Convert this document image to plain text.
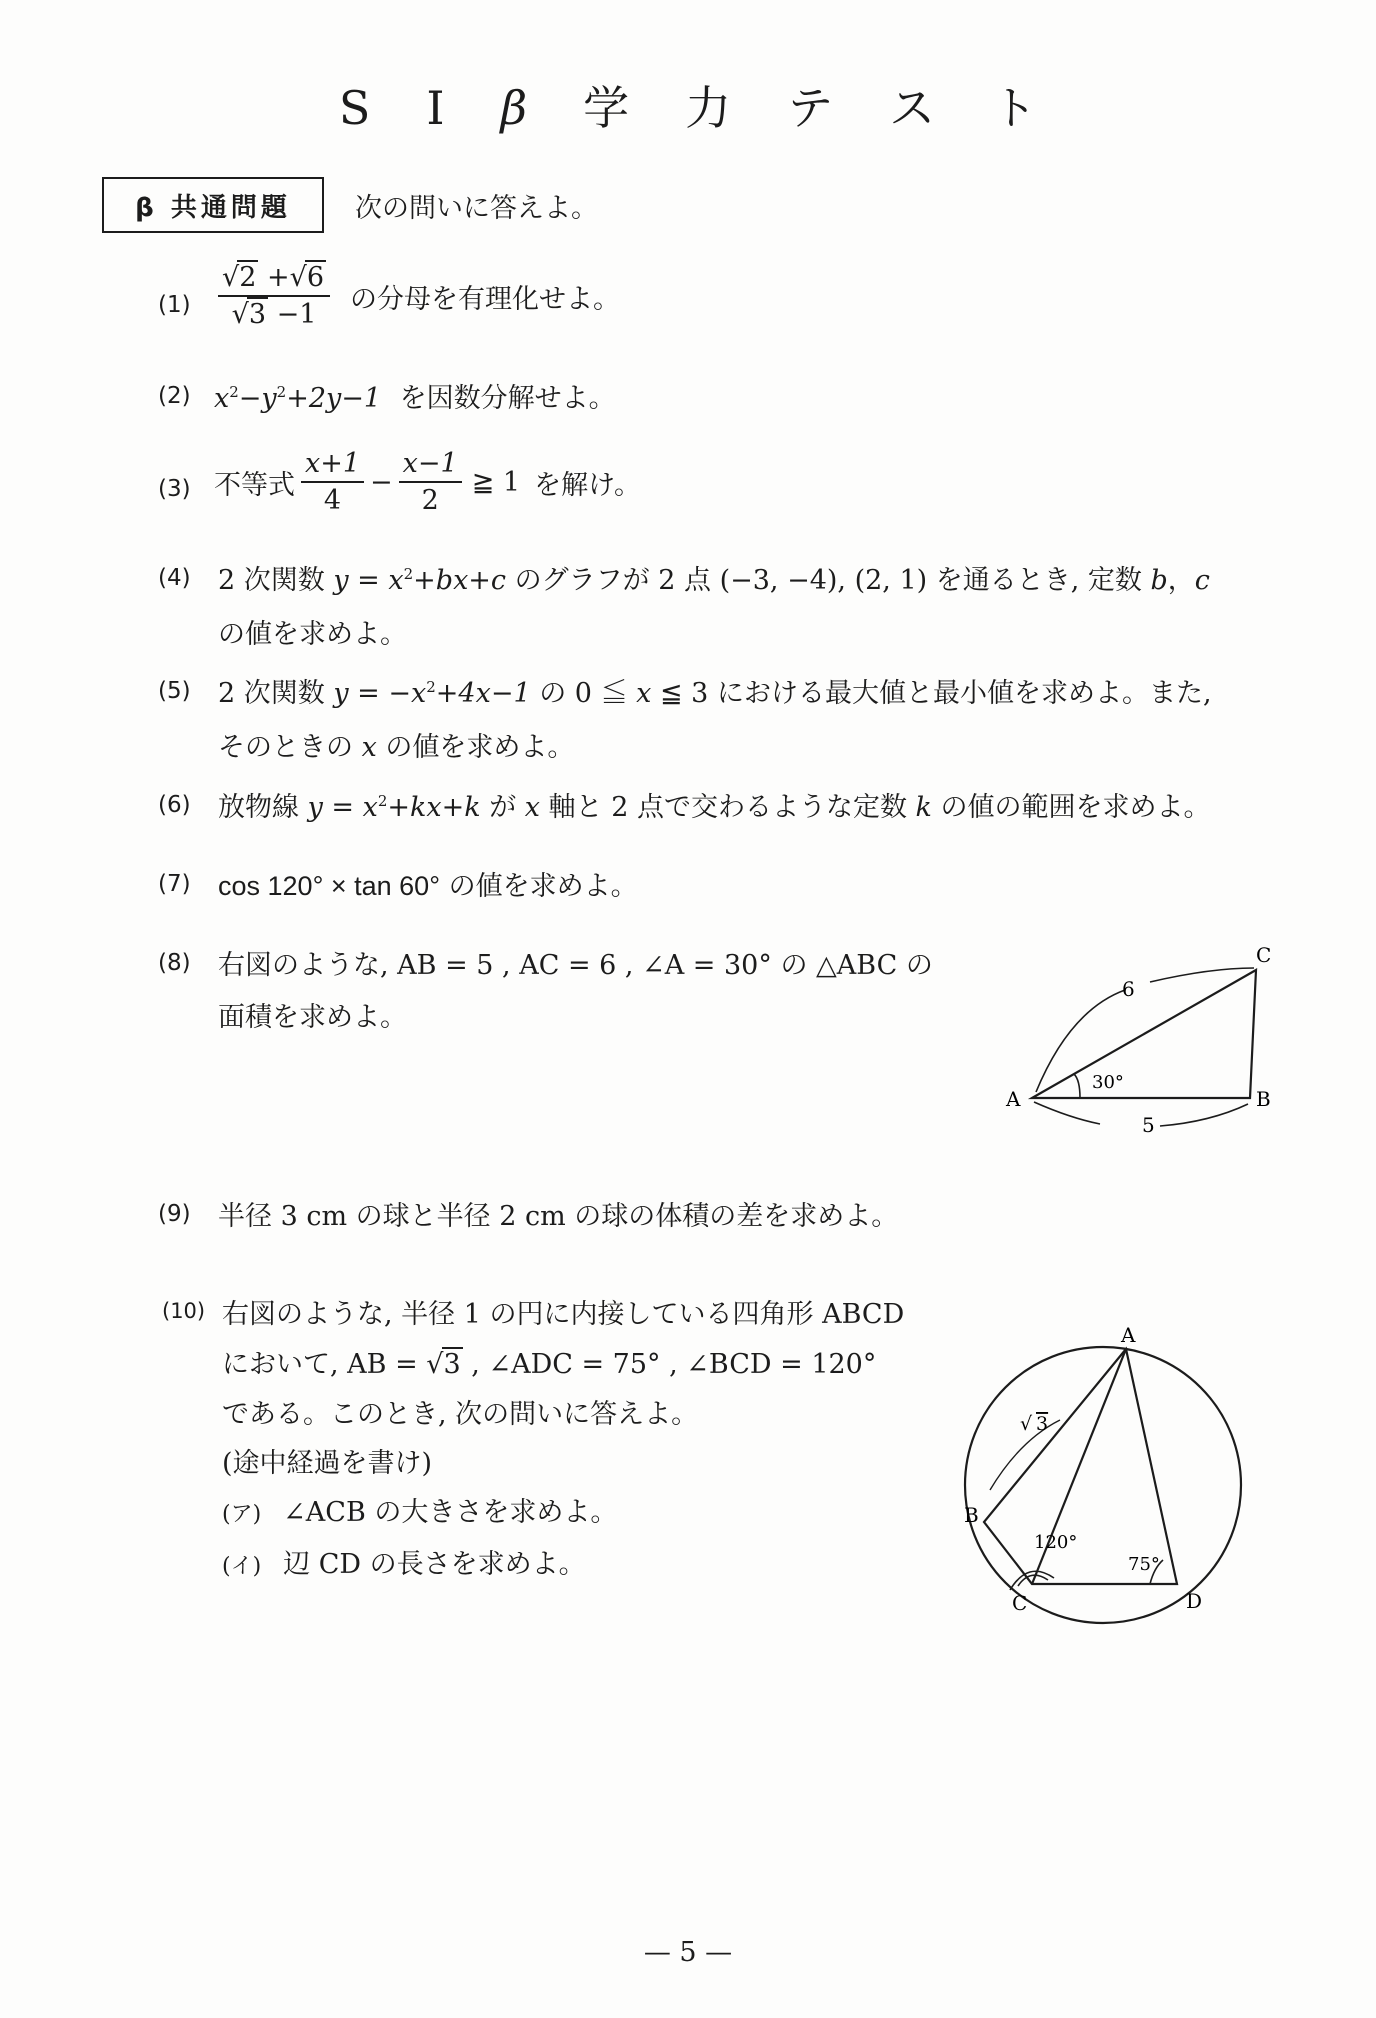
S I β 学 力 テ ス ト
β 共通問題	次の問いに答えよ。
$(1) \frac{√2 +√6}{√3 -1}$ の分母を有理化せよ。
(2) $x^2-y^2+2y-1$ を因数分解せよ。
(3) 不等式 $\frac{x+1}{4} - \frac{x-1}{2}$ ≧ 1 を解け。
(4) 2 次関数 $y = x^2+bx+c$ のグラフが 2 点 (−3, −4), (2, 1) を通るとき, 定数 b，c
の値を求めよ。
(5) 2 次関数 $y = -x^2+4x-1$ の 0 ≦ x ≦ 3 における最大値と最小値を求めよ。また,
そのときの x の値を求めよ。
(6) 放物線 $y = x^2+kx+k$ が x 軸と 2 点で交わるような定数 k の値の範囲を求めよ。
(7) cos 120° × tan 60° の値を求めよ。
(8) 右図のような, AB = 5 , AC = 6 , ∠A = 30° の △ABC の
面積を求めよ。
A	B
C
6
5
30°
(9) 半径 3 cm の球と半径 2 cm の球の体積の差を求めよ。
(10) 右図のような, 半径 1 の円に内接している四角形 ABCD
において, AB = √3 , ∠ADC = 75° , ∠BCD = 120°
である。このとき, 次の問いに答えよ。
(途中経過を書け)
(ア) ∠ACB の大きさを求めよ。
(イ) 辺 CD の長さを求めよ。
A
B
C	D
√ 3
120°
75°
— 5 —
